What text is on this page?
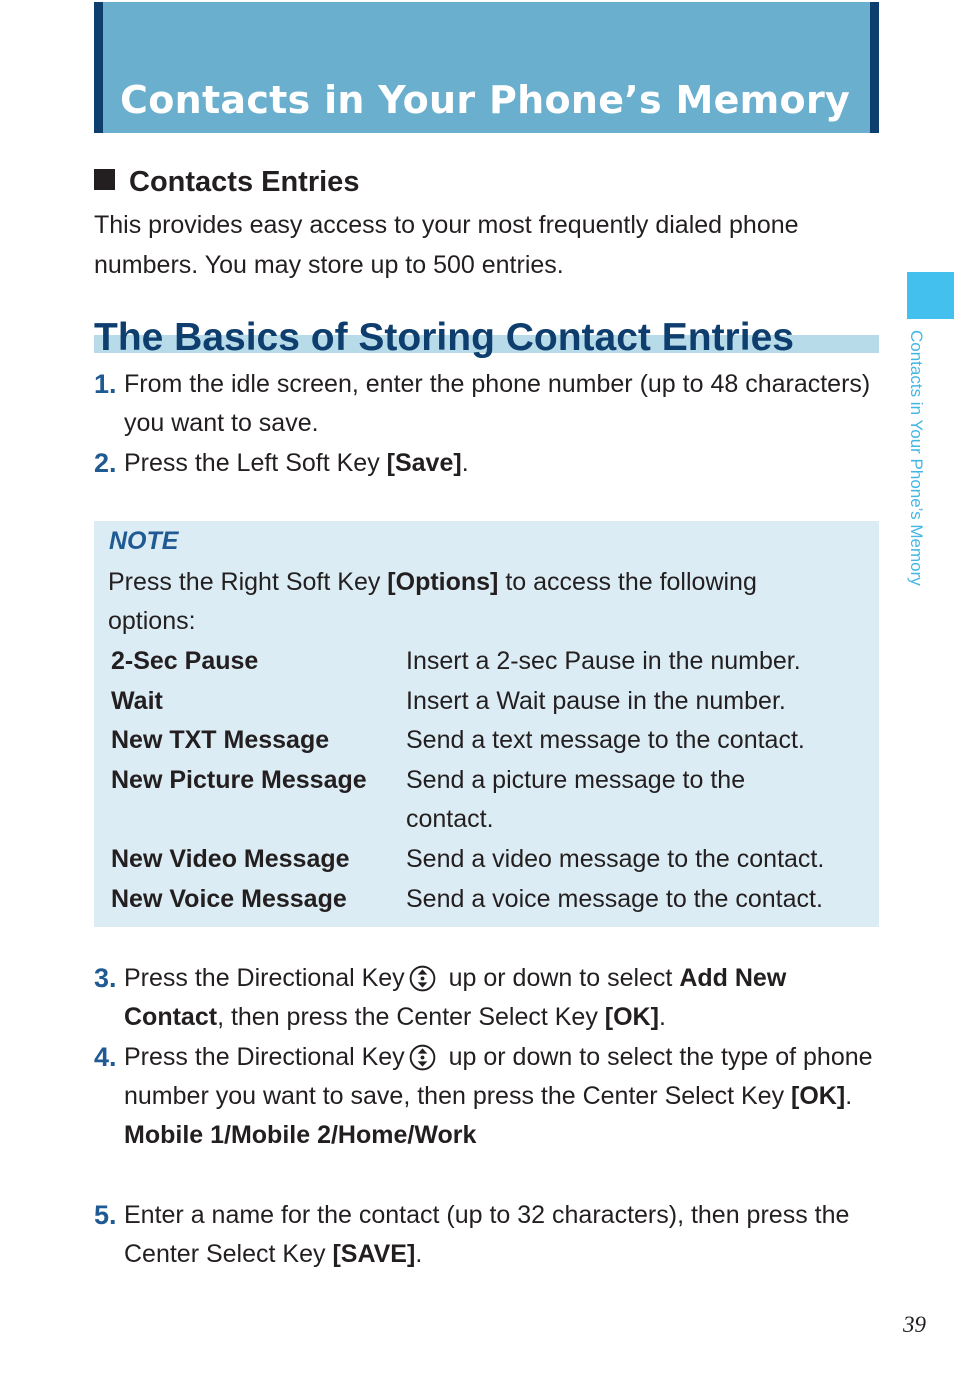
Contacts in Your Phone’s Memory
Contacts Entries

This provides easy access to your most frequently dialed phone numbers. You may store up to 500 entries.

The Basics of Storing Contact Entries
1. From the idle screen, enter the phone number (up to 48 characters) you want to save.
2. Press the Left Soft Key [Save].
NOTE
Press the Right Soft Key [Options] to access the following options:
2-Sec Pause	Insert a 2-sec Pause in the number.
Wait	Insert a Wait pause in the number.
New TXT Message	Send a text message to the contact.
New Picture Message Send a picture message to the contact.
New Video Message Send a video message to the contact.
New Voice Message Send a voice message to the contact.
3. Press the Directional Key up or down to select Add New Contact, then press the Center Select Key [OK].
4. Press the Directional Key up or down to select the type of phone number you want to save, then press the Center Select Key [OK].
Mobile 1/Mobile 2/Home/Work
5. Enter a name for the contact (up to 32 characters), then press the Center Select Key [SAVE].
Contacts in Your Phone’s Memory
39
